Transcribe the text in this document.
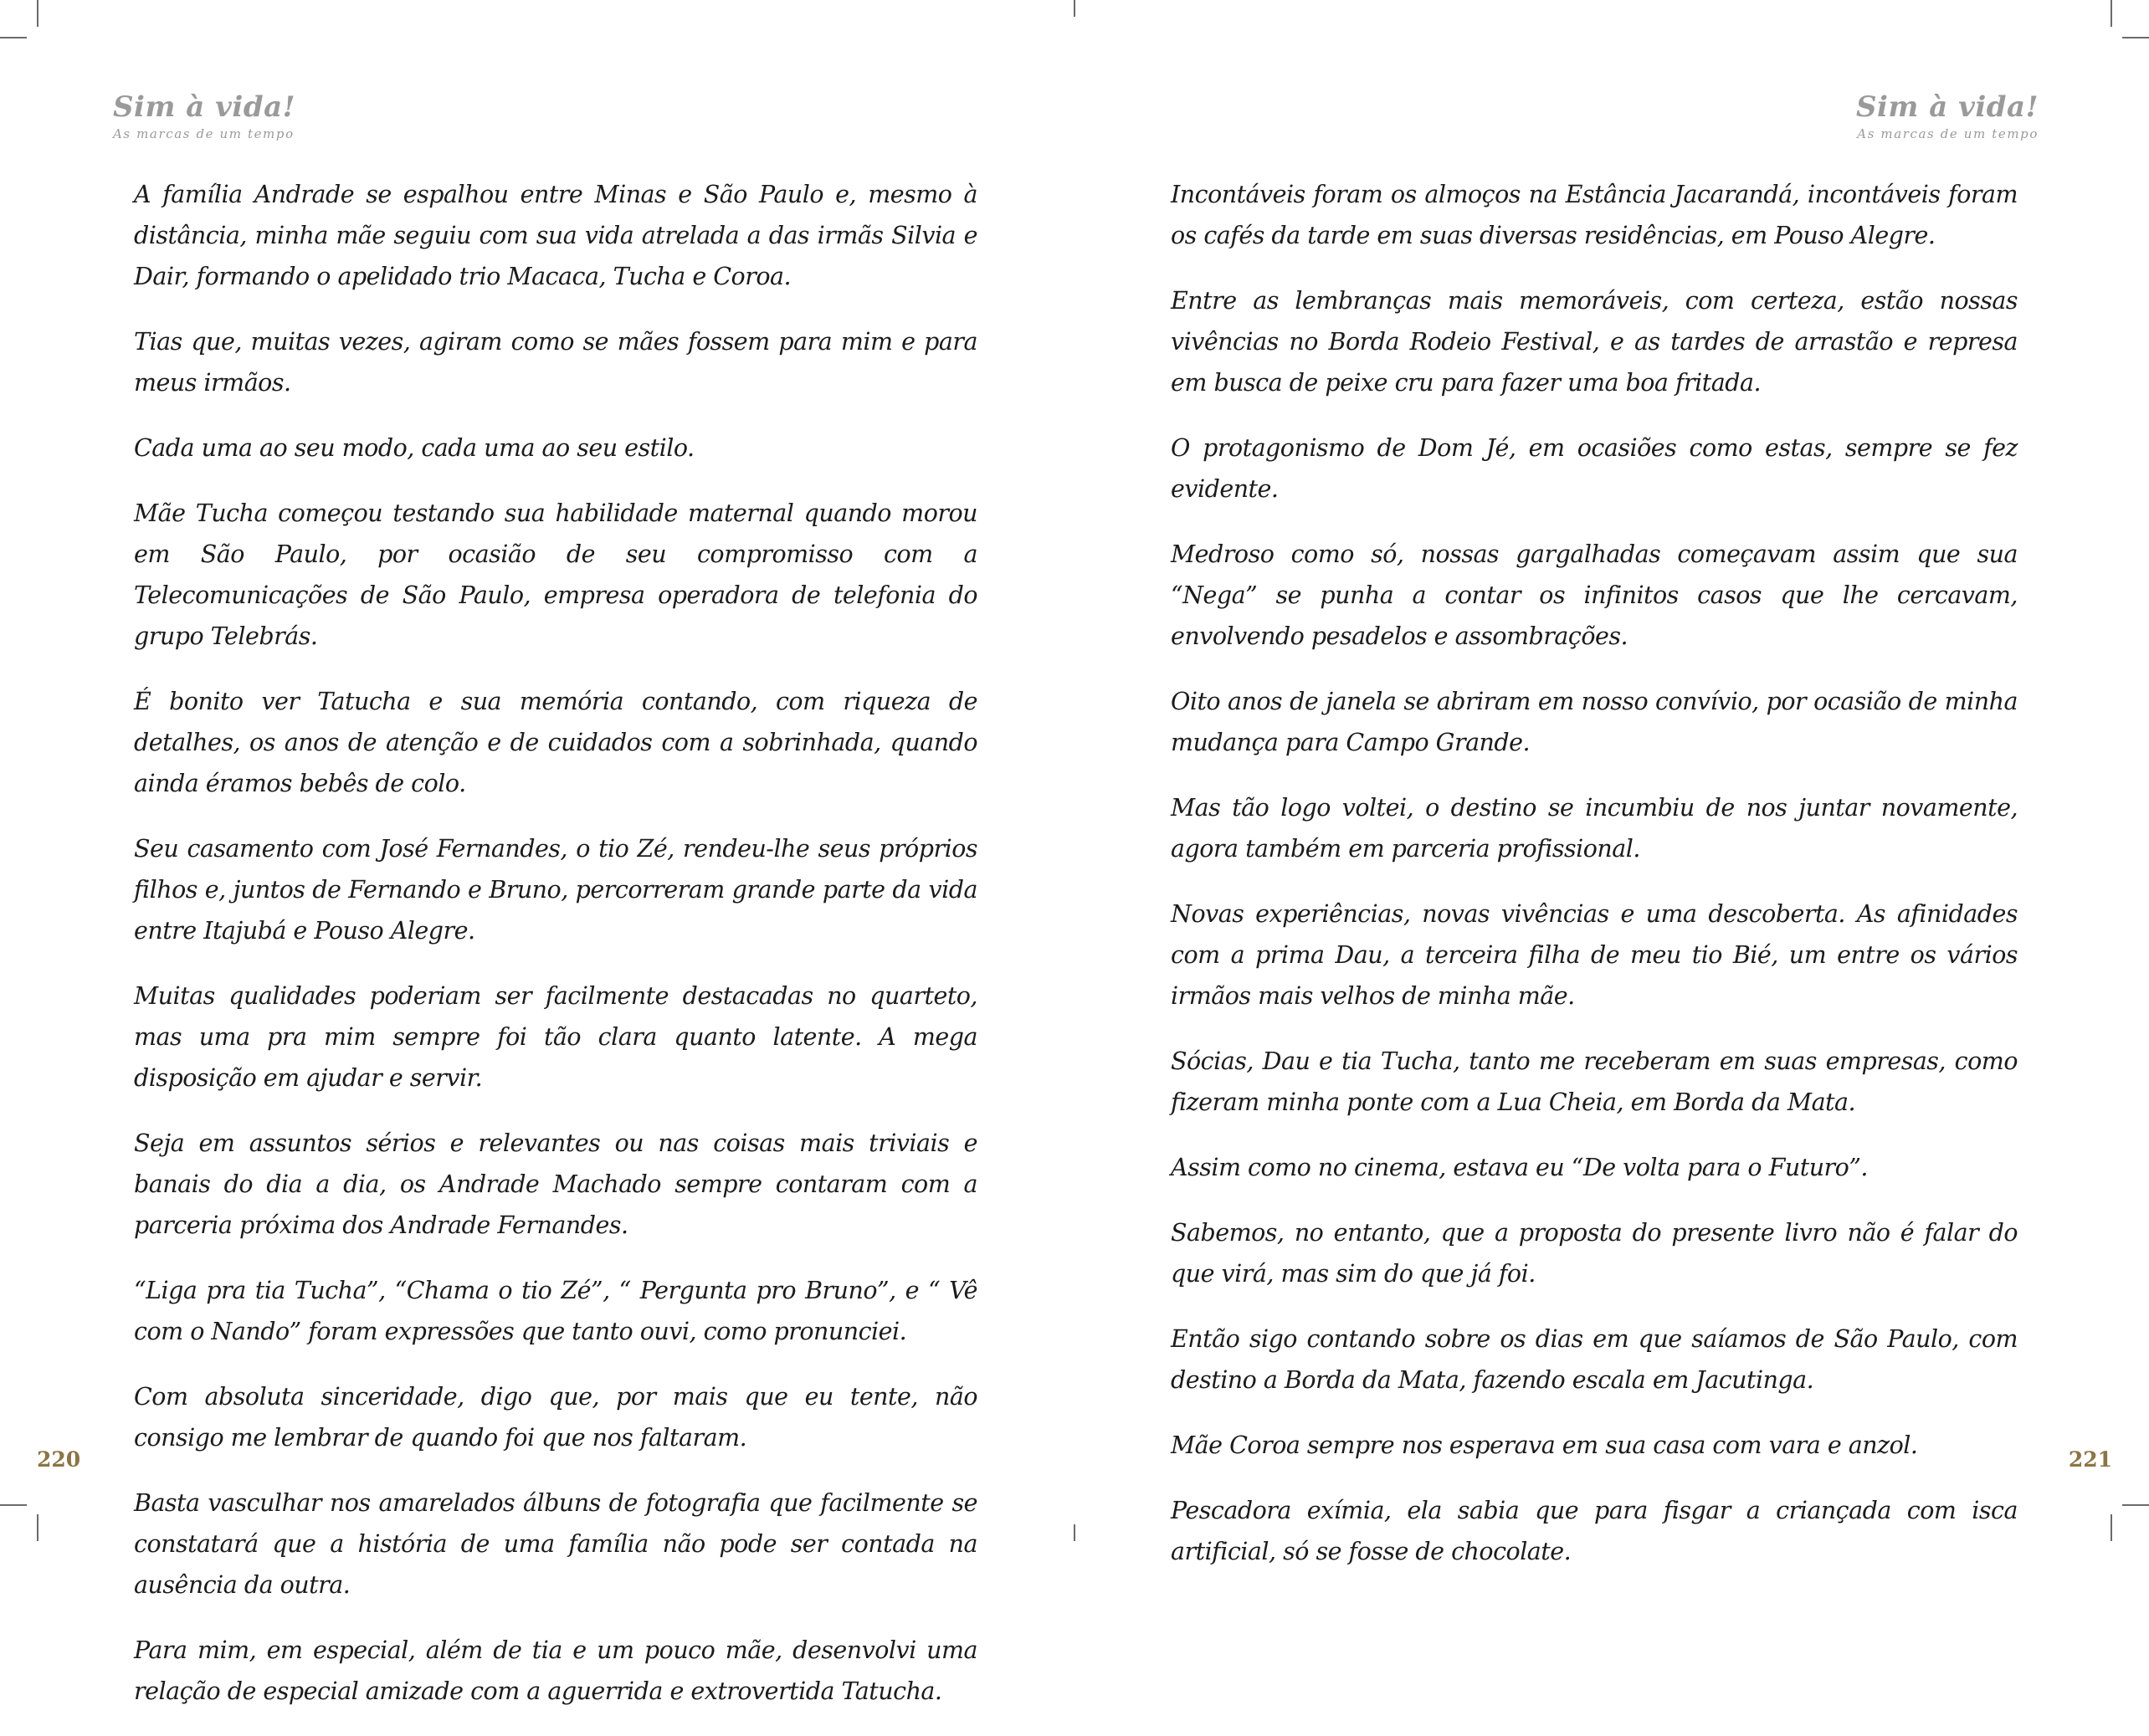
Sim à vida!
As marcas de um tempo

A família Andrade se espalhou entre Minas e São Paulo e, mesmo à distância, minha mãe seguiu com sua vida atrelada a das irmãs Silvia e Dair, formando o apelidado trio Macaca, Tucha e Coroa.

Tias que, muitas vezes, agiram como se mães fossem para mim e para meus irmãos.

Cada uma ao seu modo, cada uma ao seu estilo.

Mãe Tucha começou testando sua habilidade maternal quando morou em São Paulo, por ocasião de seu compromisso com a Telecomunicações de São Paulo, empresa operadora de telefonia do grupo Telebrás.

É bonito ver Tatucha e sua memória contando, com riqueza de detalhes, os anos de atenção e de cuidados com a sobrinhada, quando ainda éramos bebês de colo.

Seu casamento com José Fernandes, o tio Zé, rendeu-lhe seus próprios filhos e, juntos de Fernando e Bruno, percorreram grande parte da vida entre Itajubá e Pouso Alegre.

Muitas qualidades poderiam ser facilmente destacadas no quarteto, mas uma pra mim sempre foi tão clara quanto latente. A mega disposição em ajudar e servir.

Seja em assuntos sérios e relevantes ou nas coisas mais triviais e banais do dia a dia, os Andrade Machado sempre contaram com a parceria próxima dos Andrade Fernandes.

“Liga pra tia Tucha”, “Chama o tio Zé”, “ Pergunta pro Bruno”, e “ Vê com o Nando” foram expressões que tanto ouvi, como pronunciei.

Com absoluta sinceridade, digo que, por mais que eu tente, não consigo me lembrar de quando foi que nos faltaram.

Basta vasculhar nos amarelados álbuns de fotografia que facilmente se constatará que a história de uma família não pode ser contada na ausência da outra.

Para mim, em especial, além de tia e um pouco mãe, desenvolvi uma relação de especial amizade com a aguerrida e extrovertida Tatucha.

220
Sim à vida!
As marcas de um tempo

Incontáveis foram os almoços na Estância Jacarandá, incontáveis foram os cafés da tarde em suas diversas residências, em Pouso Alegre.

Entre as lembranças mais memoráveis, com certeza, estão nossas vivências no Borda Rodeio Festival, e as tardes de arrastão e represa em busca de peixe cru para fazer uma boa fritada.

O protagonismo de Dom Jé, em ocasiões como estas, sempre se fez evidente.

Medroso como só, nossas gargalhadas começavam assim que sua “Nega” se punha a contar os infinitos casos que lhe cercavam, envolvendo pesadelos e assombrações.

Oito anos de janela se abriram em nosso convívio, por ocasião de minha mudança para Campo Grande.

Mas tão logo voltei, o destino se incumbiu de nos juntar novamente, agora também em parceria profissional.

Novas experiências, novas vivências e uma descoberta. As afinidades com a prima Dau, a terceira filha de meu tio Bié, um entre os vários irmãos mais velhos de minha mãe.

Sócias, Dau e tia Tucha, tanto me receberam em suas empresas, como fizeram minha ponte com a Lua Cheia, em Borda da Mata.

Assim como no cinema, estava eu “De volta para o Futuro”.

Sabemos, no entanto, que a proposta do presente livro não é falar do que virá, mas sim do que já foi.

Então sigo contando sobre os dias em que saíamos de São Paulo, com destino a Borda da Mata, fazendo escala em Jacutinga.

Mãe Coroa sempre nos esperava em sua casa com vara e anzol.

Pescadora exímia, ela sabia que para fisgar a criançada com isca artificial, só se fosse de chocolate.

221
